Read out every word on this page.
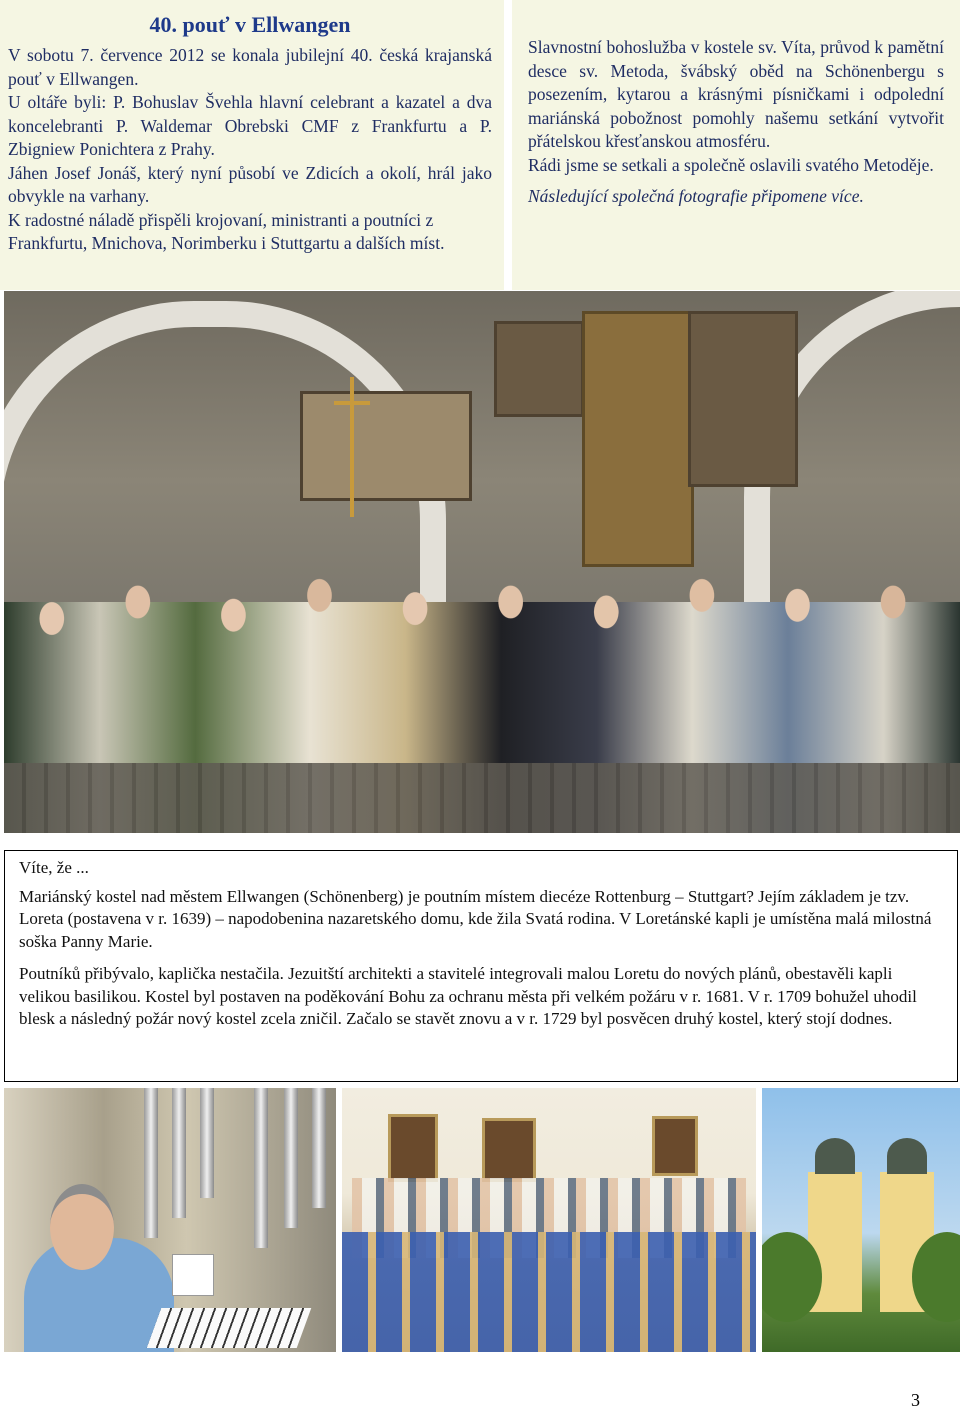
40. pouť v Ellwangen

V sobotu 7. července 2012 se konala jubilejní 40. česká krajanská pouť v Ellwangen.

U oltáře byli: P. Bohuslav Švehla hlavní celebrant a kazatel a dva koncelebranti P. Waldemar Obrebski CMF z Frankfurtu a P. Zbigniew Ponichtera z Prahy.

Jáhen Josef Jonáš, který nyní působí ve Zdicích a okolí, hrál jako obvykle na varhany.

K radostné náladě přispěli krojovaní, ministranti a poutníci z Frankfurtu, Mnichova, Norimberku i Stuttgartu a dalších míst.

Slavnostní bohoslužba v kostele sv. Víta, průvod k pamětní desce sv. Metoda, švábský oběd na Schönenbergu s posezením, kytarou a krásnými písničkami i odpolední mariánská pobožnost pomohly našemu setkání vytvořit přátelskou křesťanskou atmosféru.

Rádi jsme se setkali a společně oslavili svatého Metoděje.

Následující společná fotografie připomene více.

Víte, že ...

Mariánský kostel nad městem Ellwangen (Schönenberg) je poutním místem diecéze Rottenburg – Stuttgart? Jejím základem je tzv. Loreta (postavena v r. 1639) – napodobenina nazaretského domu, kde žila Svatá rodina. V Loretánské kapli je umístěna malá milostná soška Panny Marie.

Poutníků přibývalo, kaplička nestačila. Jezuitští architekti a stavitelé integrovali malou Loretu do nových plánů, obestavěli kapli velikou basilikou. Kostel byl postaven na poděkování Bohu za ochranu města při velkém požáru v r. 1681. V r. 1709 bohužel uhodil blesk a následný požár nový kostel zcela zničil. Začalo se stavět znovu a v r. 1729 byl posvěcen druhý kostel, který stojí dodnes.

3
